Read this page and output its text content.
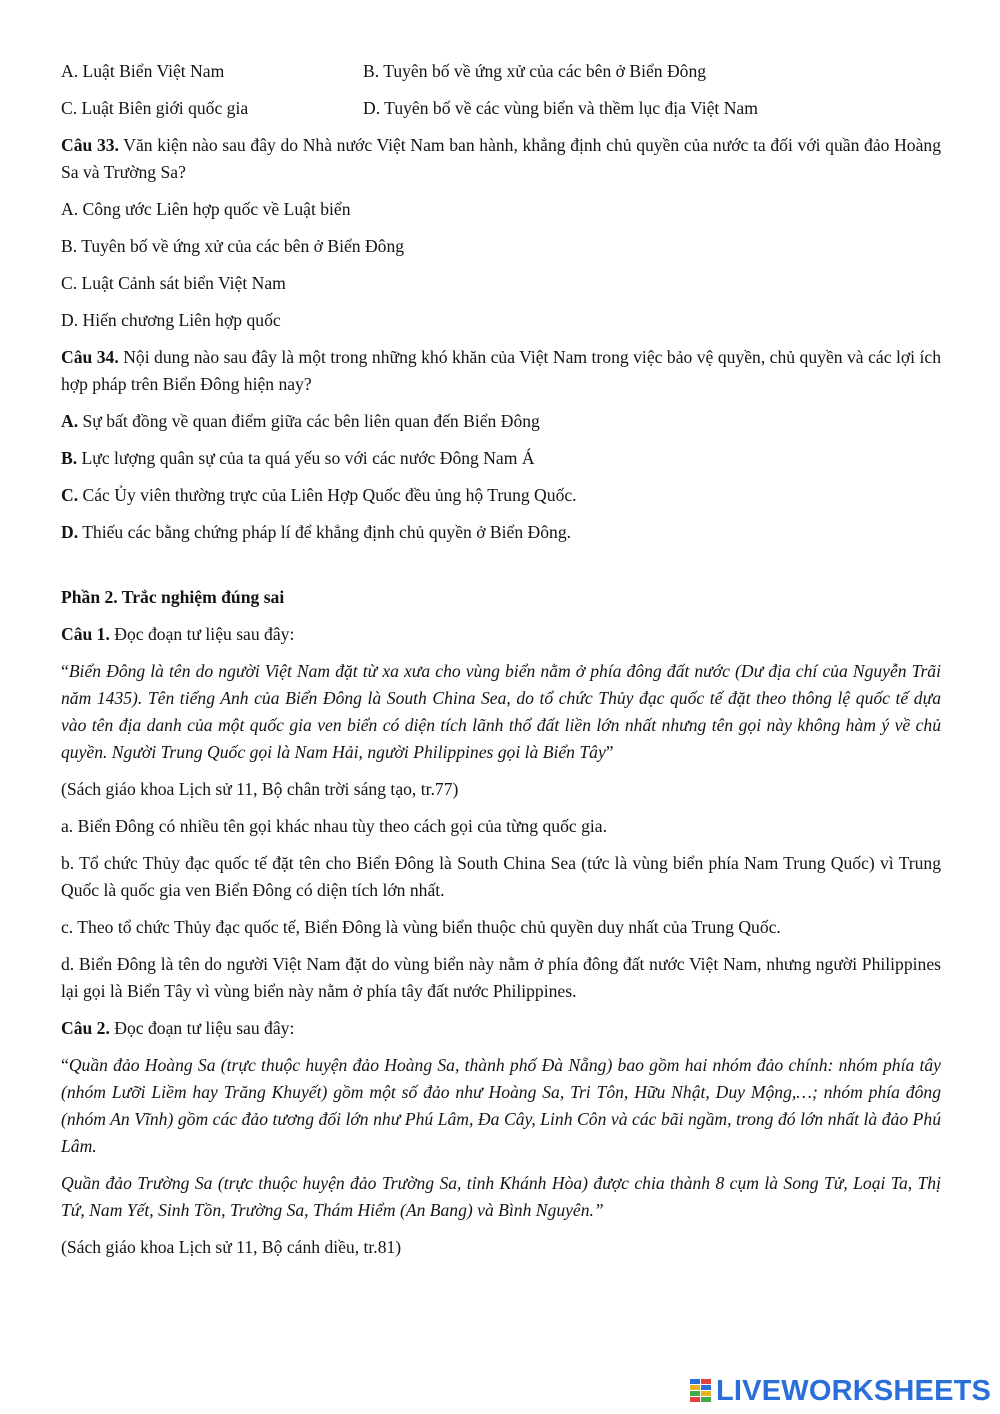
A. Luật Biển Việt Nam	B. Tuyên bố về ứng xử của các bên ở Biển Đông
C. Luật Biên giới quốc gia	D. Tuyên bố về các vùng biển và thềm lục địa Việt Nam

Câu 33. Văn kiện nào sau đây do Nhà nước Việt Nam ban hành, khẳng định chủ quyền của nước ta đối với quần đảo Hoàng Sa và Trường Sa?

A. Công ước Liên hợp quốc về Luật biển

B. Tuyên bố về ứng xử của các bên ở Biển Đông

C. Luật Cảnh sát biển Việt Nam

D. Hiến chương Liên hợp quốc

Câu 34. Nội dung nào sau đây là một trong những khó khăn của Việt Nam trong việc bảo vệ quyền, chủ quyền và các lợi ích hợp pháp trên Biển Đông hiện nay?

A. Sự bất đồng về quan điểm giữa các bên liên quan đến Biển Đông

B. Lực lượng quân sự của ta quá yếu so với các nước Đông Nam Á

C. Các Ủy viên thường trực của Liên Hợp Quốc đều ủng hộ Trung Quốc.

D. Thiếu các bằng chứng pháp lí để khẳng định chủ quyền ở Biển Đông.

Phần 2. Trắc nghiệm đúng sai

Câu 1. Đọc đoạn tư liệu sau đây:

“Biển Đông là tên do người Việt Nam đặt từ xa xưa cho vùng biển nằm ở phía đông đất nước (Dư địa chí của Nguyễn Trãi năm 1435). Tên tiếng Anh của Biển Đông là South China Sea, do tổ chức Thủy đạc quốc tế đặt theo thông lệ quốc tế dựa vào tên địa danh của một quốc gia ven biển có diện tích lãnh thổ đất liền lớn nhất nhưng tên gọi này không hàm ý về chủ quyền. Người Trung Quốc gọi là Nam Hải, người Philippines gọi là Biển Tây”

(Sách giáo khoa Lịch sử 11, Bộ chân trời sáng tạo, tr.77)

a. Biển Đông có nhiều tên gọi khác nhau tùy theo cách gọi của từng quốc gia.

b. Tổ chức Thủy đạc quốc tế đặt tên cho Biển Đông là South China Sea (tức là vùng biển phía Nam Trung Quốc) vì Trung Quốc là quốc gia ven Biển Đông có diện tích lớn nhất.

c. Theo tổ chức Thủy đạc quốc tế, Biển Đông là vùng biển thuộc chủ quyền duy nhất của Trung Quốc.

d. Biển Đông là tên do người Việt Nam đặt do vùng biển này nằm ở phía đông đất nước Việt Nam, nhưng người Philippines lại gọi là Biển Tây vì vùng biển này nằm ở phía tây đất nước Philippines.

Câu 2. Đọc đoạn tư liệu sau đây:

“Quần đảo Hoàng Sa (trực thuộc huyện đảo Hoàng Sa, thành phố Đà Nẵng) bao gồm hai nhóm đảo chính: nhóm phía tây (nhóm Lưỡi Liềm hay Trăng Khuyết) gồm một số đảo như Hoàng Sa, Tri Tôn, Hữu Nhật, Duy Mộng,…; nhóm phía đông (nhóm An Vĩnh) gồm các đảo tương đối lớn như Phú Lâm, Đa Cây, Linh Côn và các bãi ngầm, trong đó lớn nhất là đảo Phú Lâm.

Quần đảo Trường Sa (trực thuộc huyện đảo Trường Sa, tỉnh Khánh Hòa) được chia thành 8 cụm là Song Tử, Loại Ta, Thị Tứ, Nam Yết, Sinh Tồn, Trường Sa, Thám Hiểm (An Bang) và Bình Nguyên.”

(Sách giáo khoa Lịch sử 11, Bộ cánh diều, tr.81)

LIVEWORKSHEETS
